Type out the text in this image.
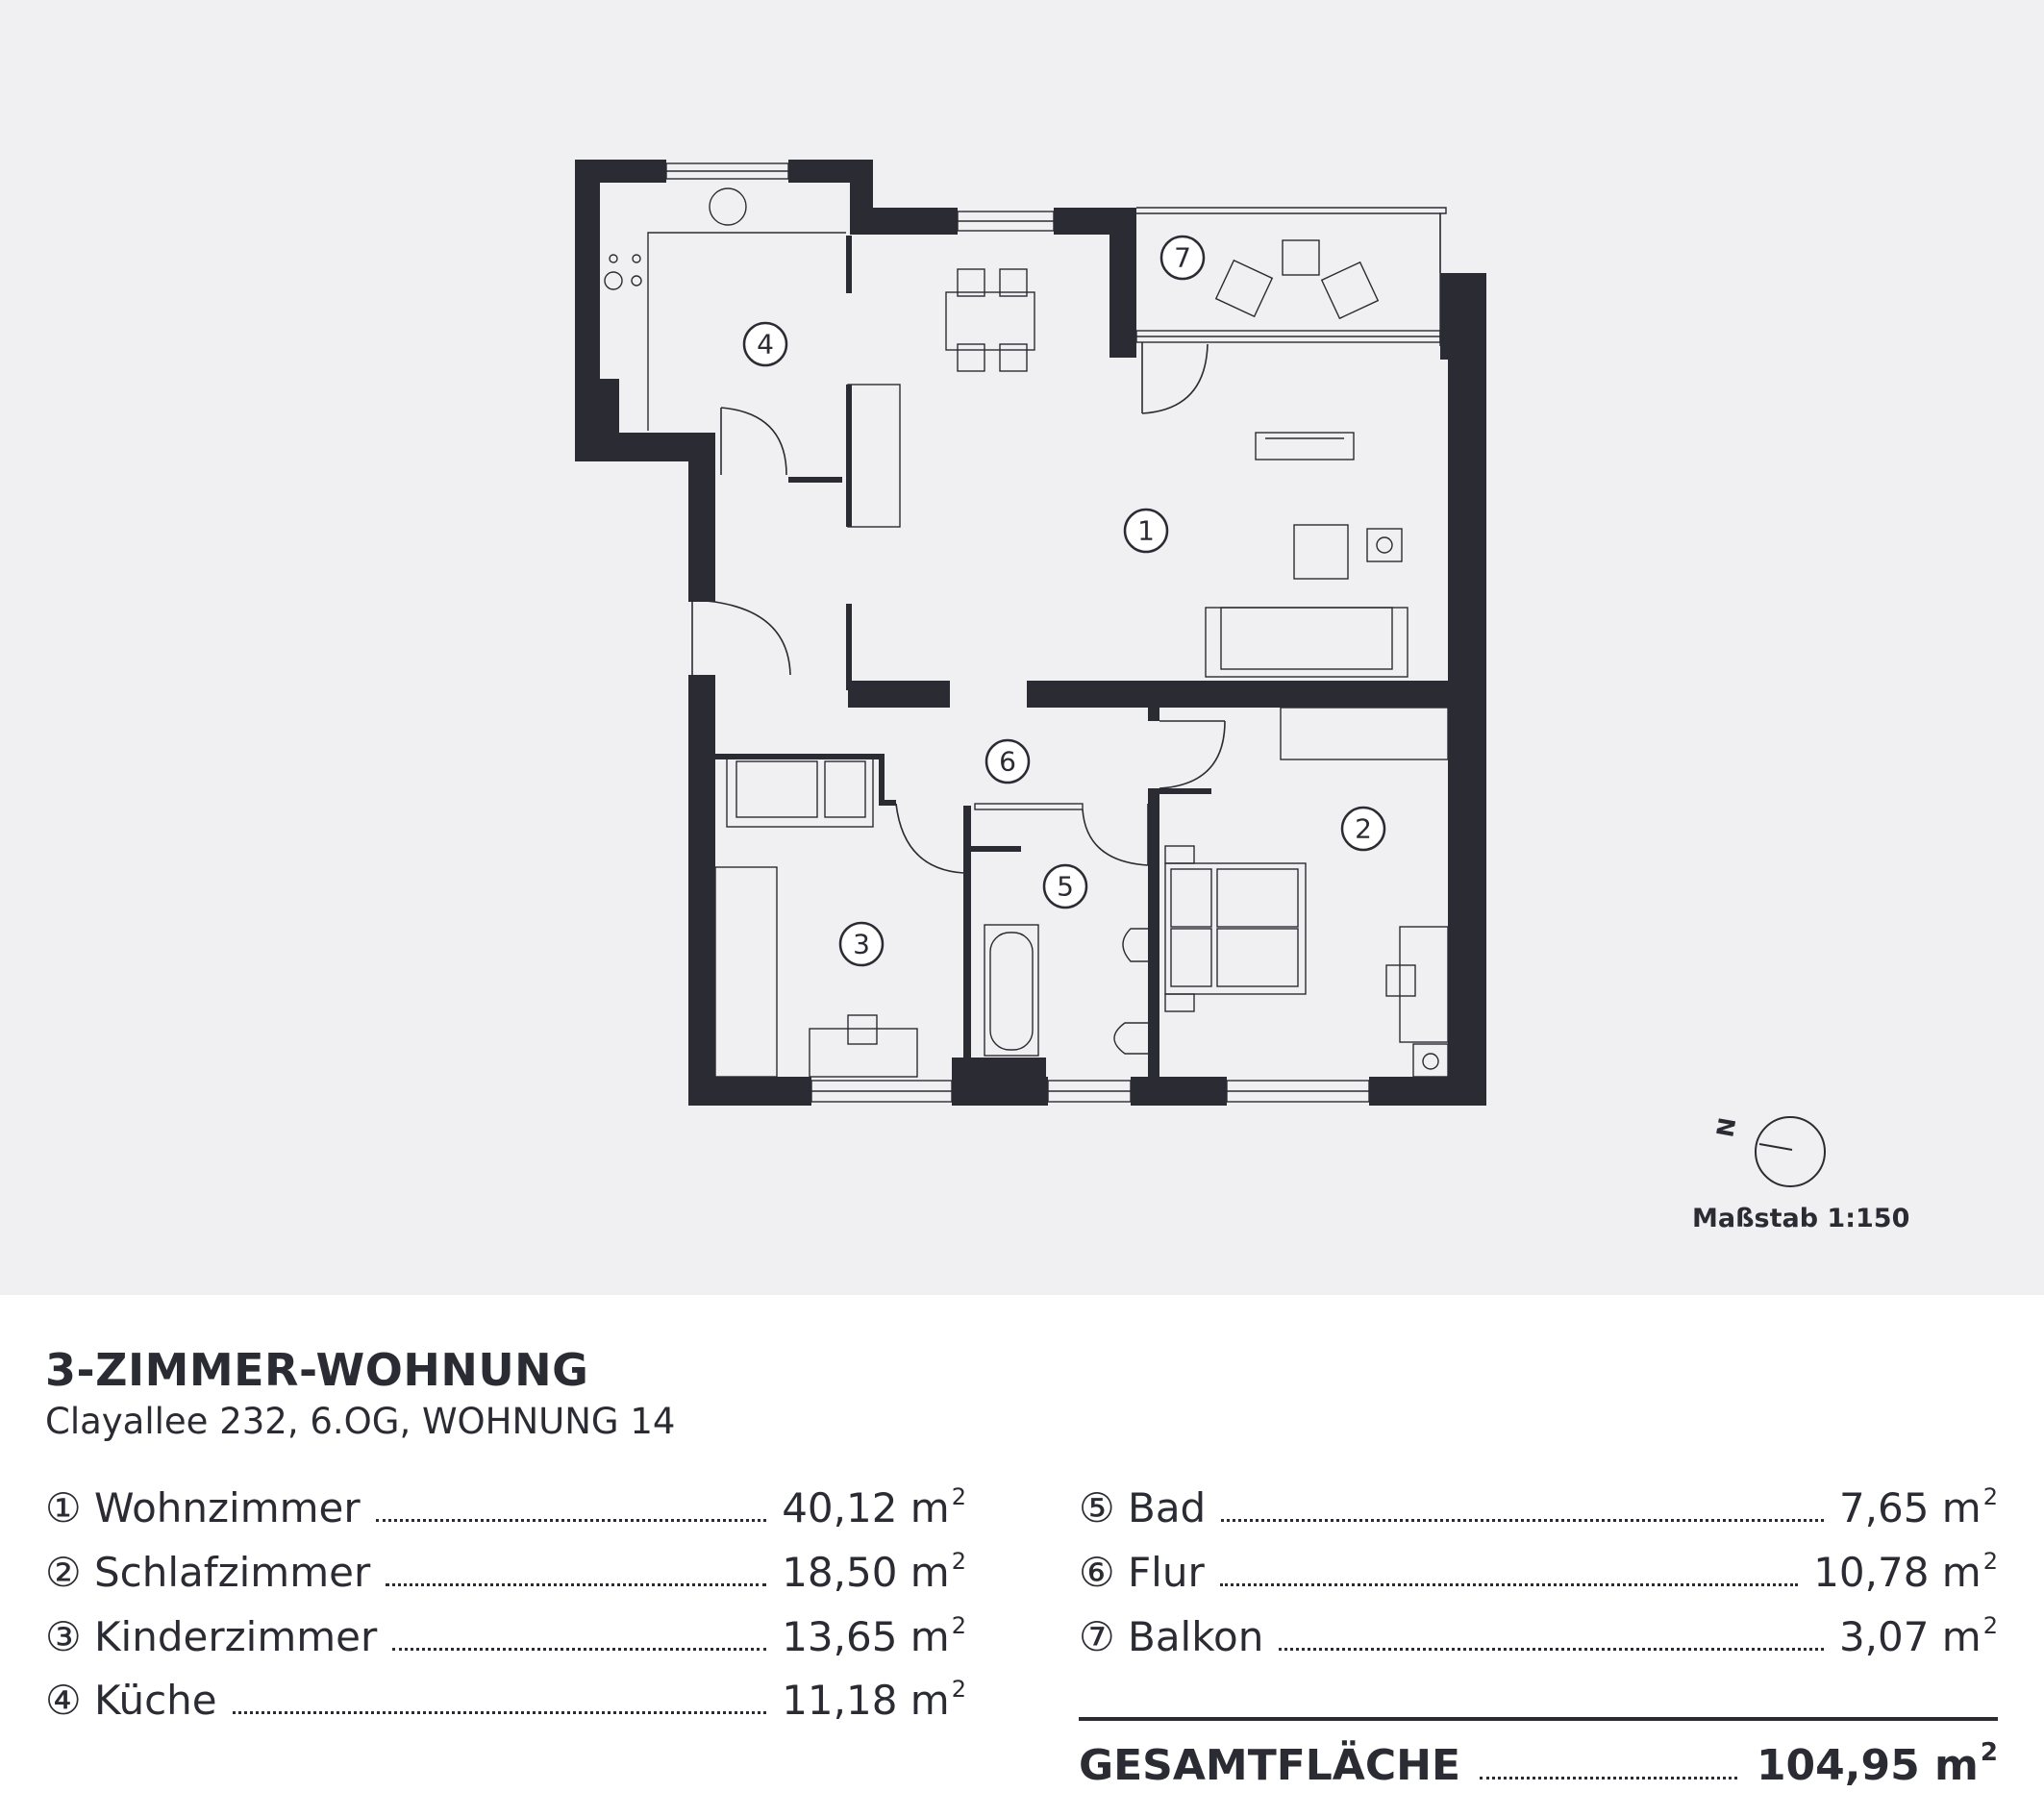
1
2
3
4
5
6
7
N
Maßstab 1:150
3-ZIMMER-WOHNUNG
Clayallee 232, 6.OG, WOHNUNG 14
① Wohnzimmer	40,12 $m^2$
② Schlafzimmer	18,50 $m^2$
③ Kinderzimmer	13,65 $m^2$
④ Küche	11,18 $m^2$
⑤ Bad	7,65 $m^2$
⑥ Flur	10,78 $m^2$
⑦ Balkon	3,07 $m^2$
GESAMTFLÄCHE	104,95 $m^2$
